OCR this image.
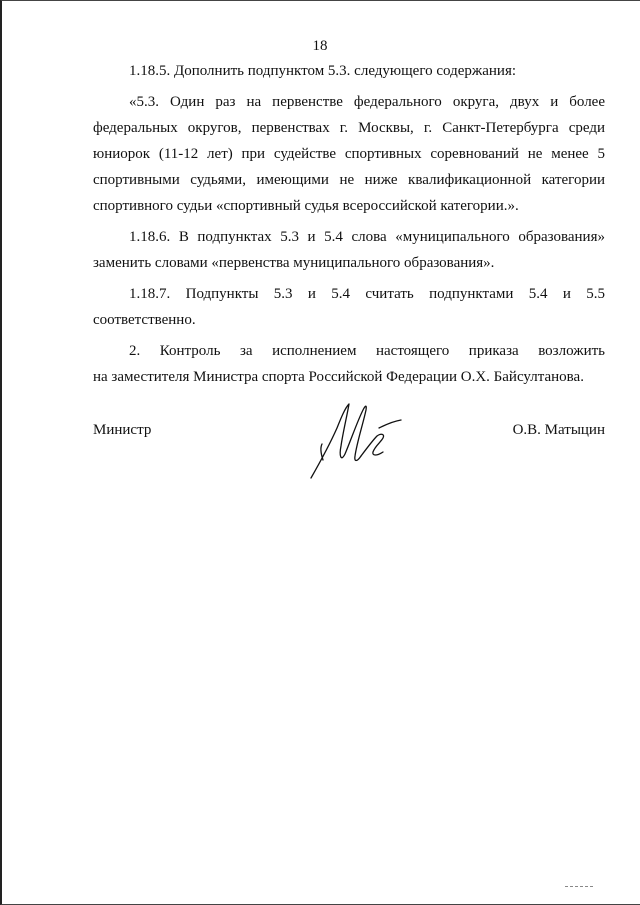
18

1.18.5. Дополнить подпунктом 5.3. следующего содержания:

«5.3. Один раз на первенстве федерального округа, двух и более
федеральных округов, первенствах г. Москвы, г. Санкт-Петербурга среди
юниорок (11-12 лет) при судействе спортивных соревнований не менее 5
спортивными судьями, имеющими не ниже квалификационной категории
спортивного судьи «спортивный судья всероссийской категории.».

1.18.6. В подпунктах 5.3 и 5.4 слова «муниципального образования»
заменить словами «первенства муниципального образования».

1.18.7. Подпункты 5.3 и 5.4 считать подпунктами 5.4 и 5.5
соответственно.

2. Контроль за исполнением настоящего приказа возложить
на заместителя Министра спорта Российской Федерации О.Х. Байсултанова.

Министр	О.В. Матыцин
